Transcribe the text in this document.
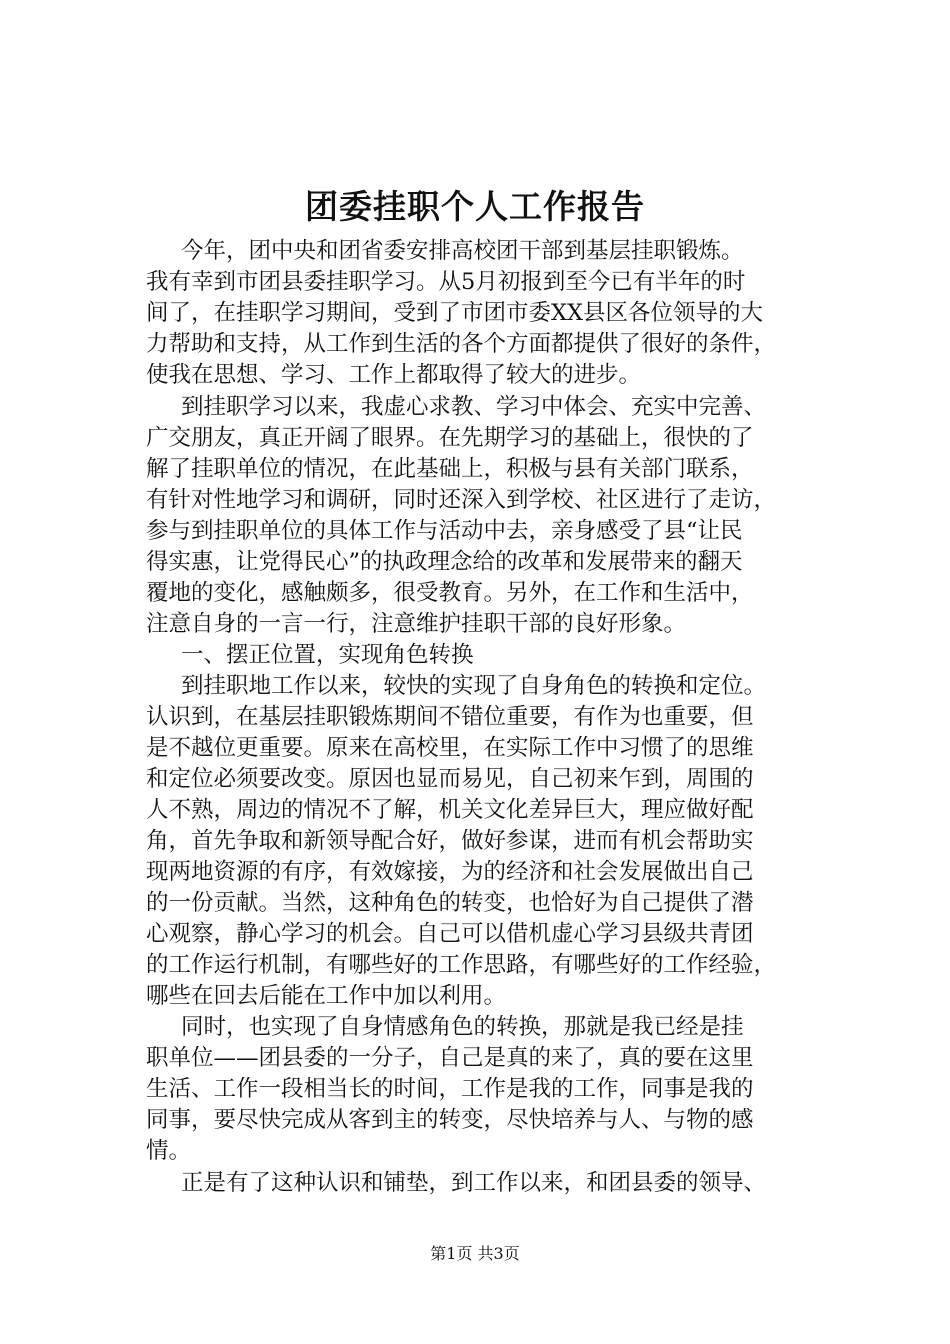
团委挂职个人工作报告
今年，团中央和团省委安排高校团干部到基层挂职锻炼。
我有幸到市团县委挂职学习。从5月初报到至今已有半年的时
间了，在挂职学习期间，受到了市团市委XX县区各位领导的大
力帮助和支持，从工作到生活的各个方面都提供了很好的条件，
使我在思想、学习、工作上都取得了较大的进步。
到挂职学习以来，我虚心求教、学习中体会、充实中完善、
广交朋友，真正开阔了眼界。在先期学习的基础上，很快的了
解了挂职单位的情况，在此基础上，积极与县有关部门联系，
有针对性地学习和调研，同时还深入到学校、社区进行了走访，
参与到挂职单位的具体工作与活动中去，亲身感受了县“让民
得实惠，让党得民心”的执政理念给的改革和发展带来的翻天
覆地的变化，感触颇多，很受教育。另外，在工作和生活中，
注意自身的一言一行，注意维护挂职干部的良好形象。
一、摆正位置，实现角色转换
到挂职地工作以来，较快的实现了自身角色的转换和定位。
认识到，在基层挂职锻炼期间不错位重要，有作为也重要，但
是不越位更重要。原来在高校里，在实际工作中习惯了的思维
和定位必须要改变。原因也显而易见，自己初来乍到，周围的
人不熟，周边的情况不了解，机关文化差异巨大，理应做好配
角，首先争取和新领导配合好，做好参谋，进而有机会帮助实
现两地资源的有序，有效嫁接，为的经济和社会发展做出自己
的一份贡献。当然，这种角色的转变，也恰好为自己提供了潜
心观察，静心学习的机会。自己可以借机虚心学习县级共青团
的工作运行机制，有哪些好的工作思路，有哪些好的工作经验，
哪些在回去后能在工作中加以利用。
同时，也实现了自身情感角色的转换，那就是我已经是挂
职单位——团县委的一分子，自己是真的来了，真的要在这里
生活、工作一段相当长的时间，工作是我的工作，同事是我的
同事，要尽快完成从客到主的转变，尽快培养与人、与物的感
情。
正是有了这种认识和铺垫，到工作以来，和团县委的领导、
第1页 共3页
